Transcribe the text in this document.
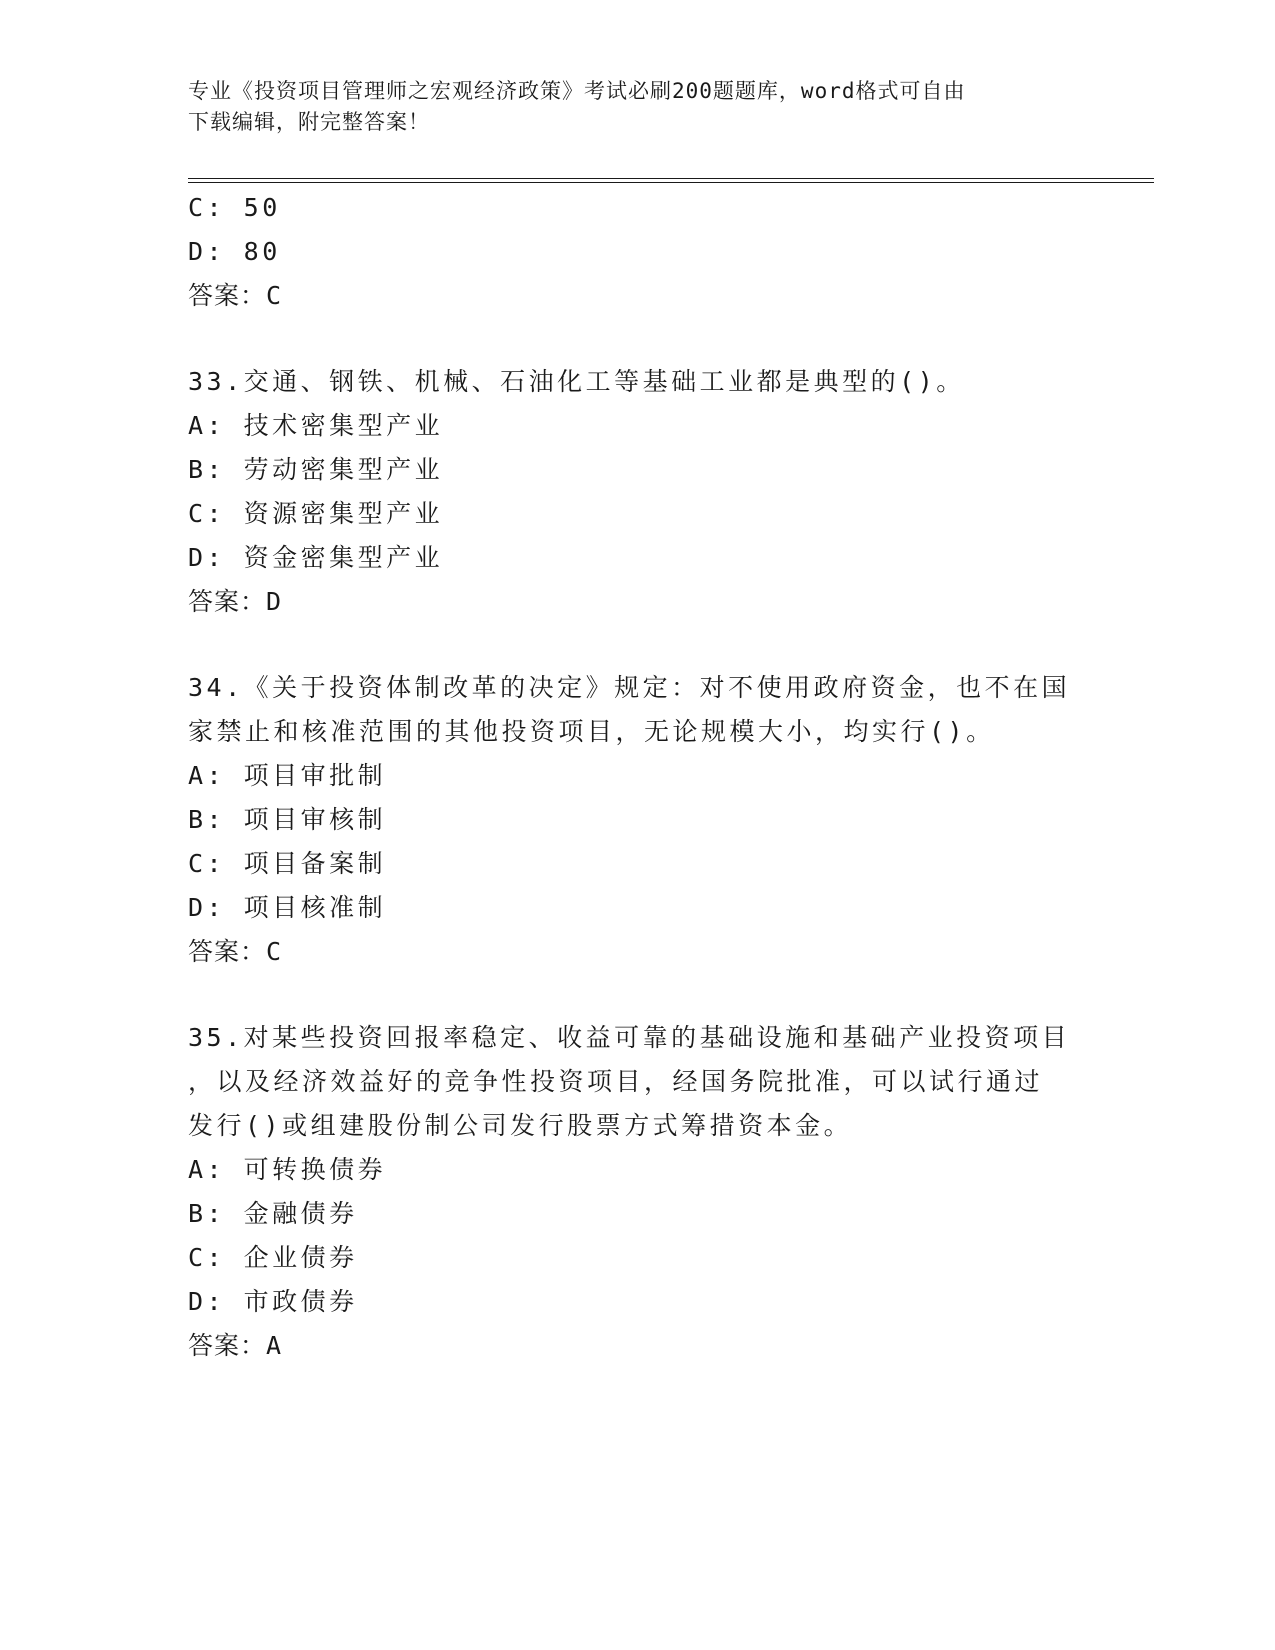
专业《投资项目管理师之宏观经济政策》考试必刷200题题库，word格式可自由
下载编辑，附完整答案！
C: 50
D: 80
答案：C
33.交通、钢铁、机械、石油化工等基础工业都是典型的()。
A: 技术密集型产业
B: 劳动密集型产业
C: 资源密集型产业
D: 资金密集型产业
答案：D
34.《关于投资体制改革的决定》规定：对不使用政府资金，也不在国
家禁止和核准范围的其他投资项目，无论规模大小，均实行()。
A: 项目审批制
B: 项目审核制
C: 项目备案制
D: 项目核准制
答案：C
35.对某些投资回报率稳定、收益可靠的基础设施和基础产业投资项目
，以及经济效益好的竞争性投资项目，经国务院批准，可以试行通过
发行()或组建股份制公司发行股票方式筹措资本金。
A: 可转换债券
B: 金融债券
C: 企业债券
D: 市政债券
答案：A
